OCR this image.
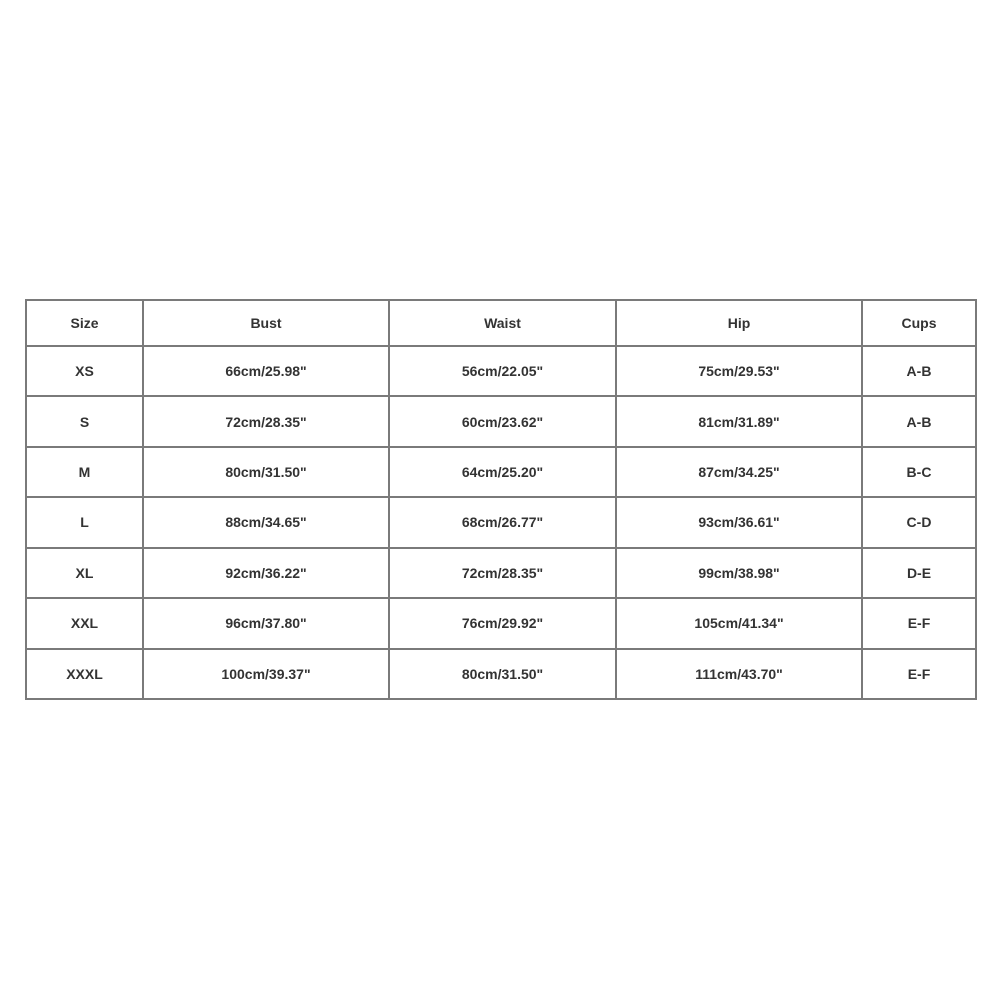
Size	Bust	Waist	Hip	Cups
XS	66cm/25.98"	56cm/22.05"	75cm/29.53"	A-B
S	72cm/28.35"	60cm/23.62"	81cm/31.89"	A-B
M	80cm/31.50"	64cm/25.20"	87cm/34.25"	B-C
L	88cm/34.65"	68cm/26.77"	93cm/36.61"	C-D
XL	92cm/36.22"	72cm/28.35"	99cm/38.98"	D-E
XXL	96cm/37.80"	76cm/29.92"	105cm/41.34"	E-F
XXXL	100cm/39.37"	80cm/31.50"	111cm/43.70"	E-F
